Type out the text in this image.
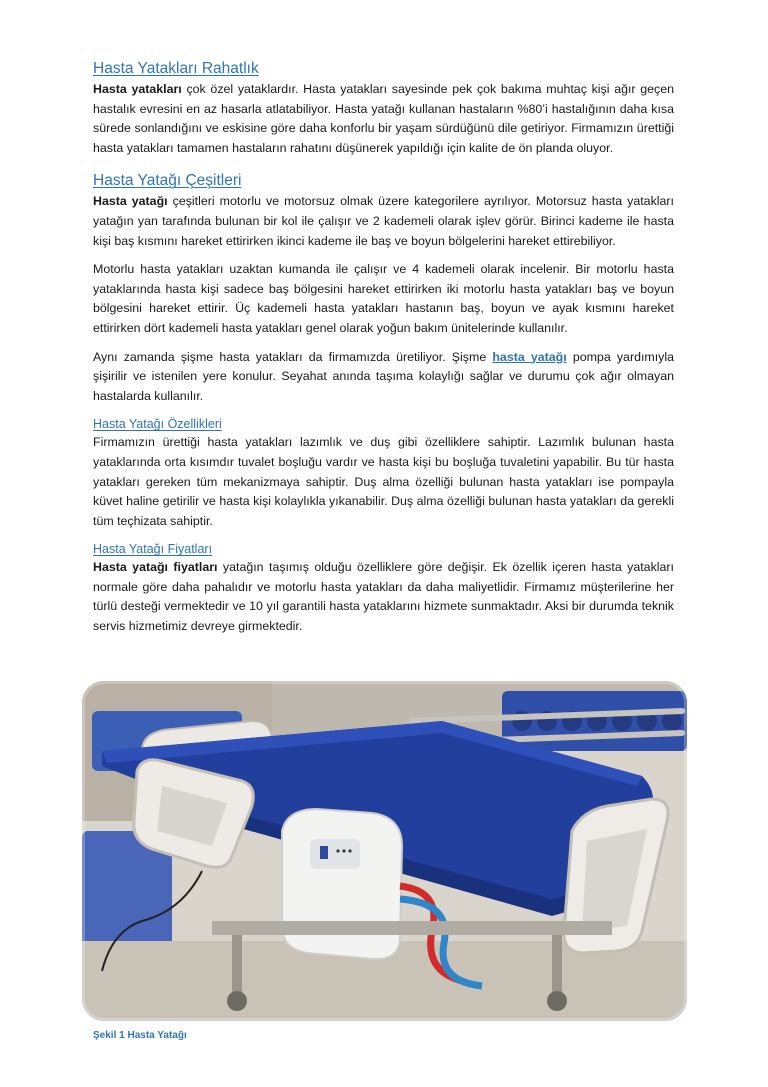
Hasta Yatakları Rahatlık

Hasta yatakları çok özel yataklardır. Hasta yatakları sayesinde pek çok bakıma muhtaç kişi ağır geçen hastalık evresini en az hasarla atlatabiliyor. Hasta yatağı kullanan hastaların %80’i hastalığının daha kısa sürede sonlandığını ve eskisine göre daha konforlu bir yaşam sürdüğünü dile getiriyor. Firmamızın ürettiği hasta yatakları tamamen hastaların rahatını düşünerek yapıldığı için kalite de ön planda oluyor.

Hasta Yatağı Çeşitleri

Hasta yatağı çeşitleri motorlu ve motorsuz olmak üzere kategorilere ayrılıyor. Motorsuz hasta yatakları yatağın yan tarafında bulunan bir kol ile çalışır ve 2 kademeli olarak işlev görür. Birinci kademe ile hasta kişi baş kısmını hareket ettirirken ikinci kademe ile baş ve boyun bölgelerini hareket ettirebiliyor.

Motorlu hasta yatakları uzaktan kumanda ile çalışır ve 4 kademeli olarak incelenir. Bir motorlu hasta yataklarında hasta kişi sadece baş bölgesini hareket ettirirken iki motorlu hasta yatakları baş ve boyun bölgesini hareket ettirir. Üç kademeli hasta yatakları hastanın baş, boyun ve ayak kısmını hareket ettirirken dört kademeli hasta yatakları genel olarak yoğun bakım ünitelerinde kullanılır.

Aynı zamanda şişme hasta yatakları da firmamızda üretiliyor. Şişme hasta yatağı pompa yardımıyla şişirilir ve istenilen yere konulur. Seyahat anında taşıma kolaylığı sağlar ve durumu çok ağır olmayan hastalarda kullanılır.

Hasta Yatağı Özellikleri

Firmamızın ürettiği hasta yatakları lazımlık ve duş gibi özelliklere sahiptir. Lazımlık bulunan hasta yataklarında orta kısımdır tuvalet boşluğu vardır ve hasta kişi bu boşluğa tuvaletini yapabilir. Bu tür hasta yatakları gereken tüm mekanizmaya sahiptir. Duş alma özelliği bulunan hasta yatakları ise pompayla küvet haline getirilir ve hasta kişi kolaylıkla yıkanabilir. Duş alma özelliği bulunan hasta yatakları da gerekli tüm teçhizata sahiptir.

Hasta Yatağı Fiyatları

Hasta yatağı fiyatları yatağın taşımış olduğu özelliklere göre değişir. Ek özellik içeren hasta yatakları normale göre daha pahalıdır ve motorlu hasta yatakları da daha maliyetlidir. Firmamız müşterilerine her türlü desteği vermektedir ve 10 yıl garantili hasta yataklarını hizmete sunmaktadır. Aksi bir durumda teknik servis hizmetimiz devreye girmektedir.

Şekil 1 Hasta Yatağı
